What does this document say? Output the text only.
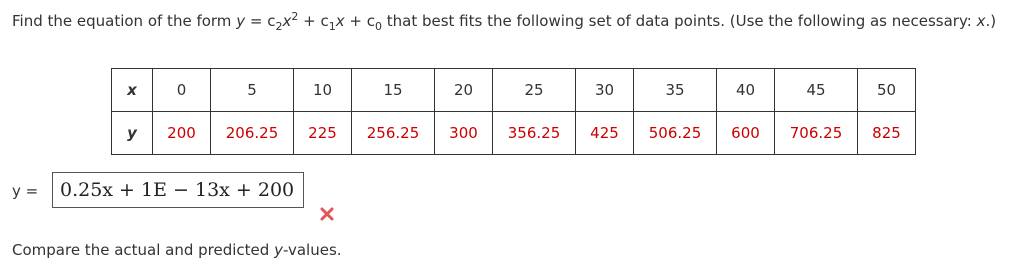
Find the equation of the form $y = c_2x^2 + c_1x + c_0$ that best fits the following set of data points. (Use the following as necessary: x.)
x	0	5	10	15	20	25	30	35	40	45	50
y	200	206.25	225	256.25	300	356.25	425	506.25	600	706.25	825
y =	0.25x + 1E − 13x + 200
Compare the actual and predicted y-values.
